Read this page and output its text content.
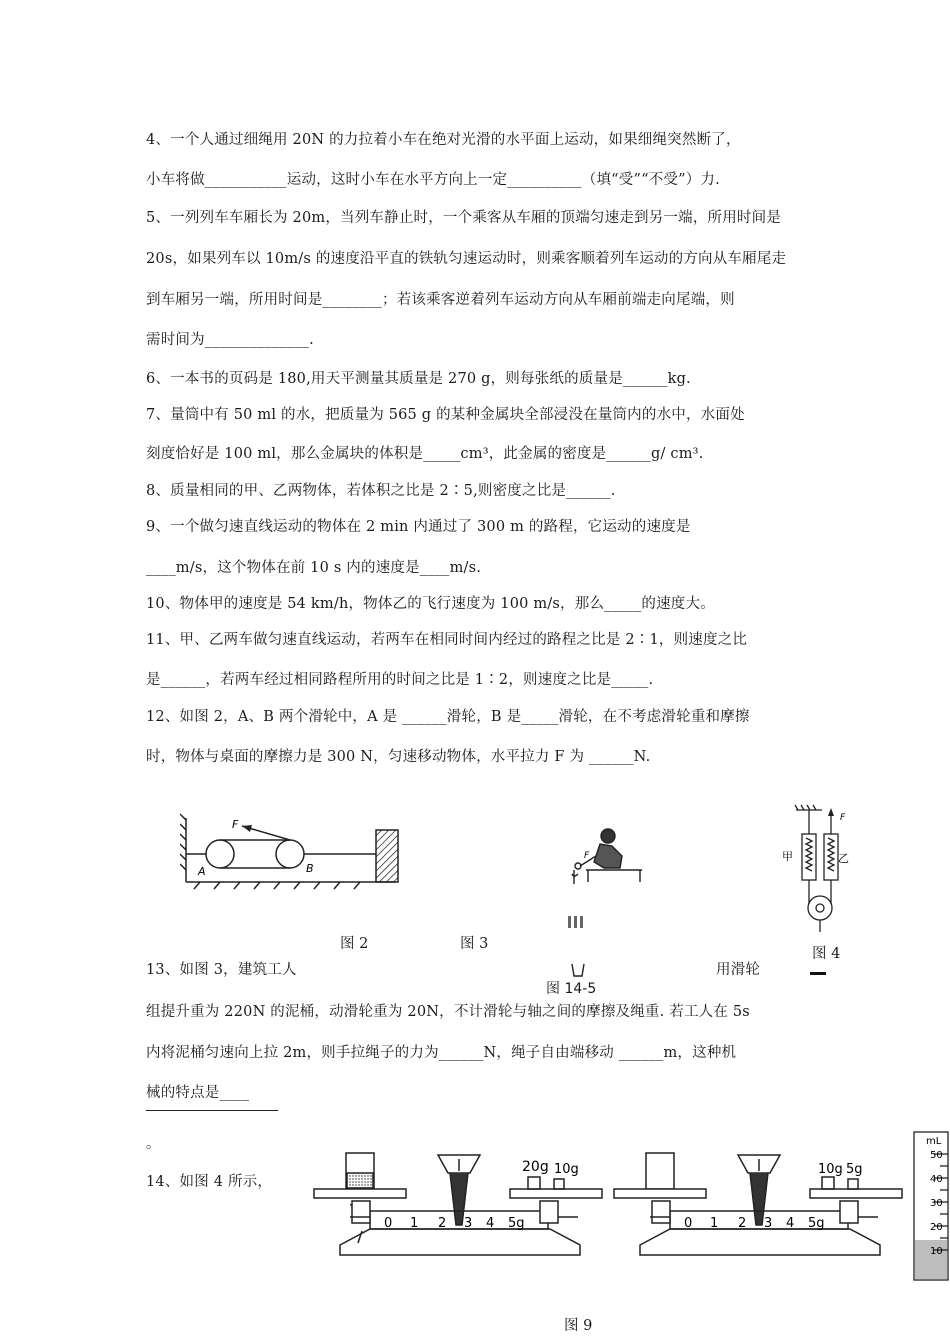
4、一个人通过细绳用 20N 的力拉着小车在绝对光滑的水平面上运动，如果细绳突然断了，
小车将做___________运动，这时小车在水平方向上一定__________（填“受”“不受”）力.
5、一列列车车厢长为 20m，当列车静止时，一个乘客从车厢的顶端匀速走到另一端，所用时间是
20s，如果列车以 10m/s 的速度沿平直的铁轨匀速运动时，则乘客顺着列车运动的方向从车厢尾走
到车厢另一端，所用时间是________；若该乘客逆着列车运动方向从车厢前端走向尾端，则
需时间为______________.
6、一本书的页码是 180,用天平测量其质量是 270 g，则每张纸的质量是______kg.
7、量筒中有 50 ml 的水，把质量为 565 g 的某种金属块全部浸没在量筒内的水中，水面处
刻度恰好是 100 ml，那么金属块的体积是_____cm³，此金属的密度是______g/ cm³.
8、质量相同的甲、乙两物体，若体积之比是 2∶5,则密度之比是______.
9、一个做匀速直线运动的物体在 2 min 内通过了 300 m 的路程，它运动的速度是
____m/s，这个物体在前 10 s 内的速度是____m/s.
10、物体甲的速度是 54 km/h，物体乙的飞行速度为 100 m/s，那么_____的速度大。
11、甲、乙两车做匀速直线运动，若两车在相同时间内经过的路程之比是 2∶1，则速度之比
是______，若两车经过相同路程所用的时间之比是 1∶2，则速度之比是_____.
12、如图 2，A、B 两个滑轮中，A 是 ______滑轮，B 是_____滑轮，在不考虑滑轮重和摩擦
时，物体与桌面的摩擦力是 300 N，匀速移动物体，水平拉力 F 为 ______N.
F
A	B
F
F
甲	乙
图 2	图 3
图 4
图 14-5
13、如图 3，建筑工人	用滑轮
组提升重为 220N 的泥桶，动滑轮重为 20N，不计滑轮与轴之间的摩擦及绳重. 若工人在 5s
内将泥桶匀速向上拉 2m，则手拉绳子的力为______N，绳子自由端移动 ______m，这种机
械的特点是____
。
14、如图 4 所示，
20g 10g
0 1 2 3 4 5g
10g 5g
0 1 2 3 4 5g
mL
50
40
30
20
10
图 9
